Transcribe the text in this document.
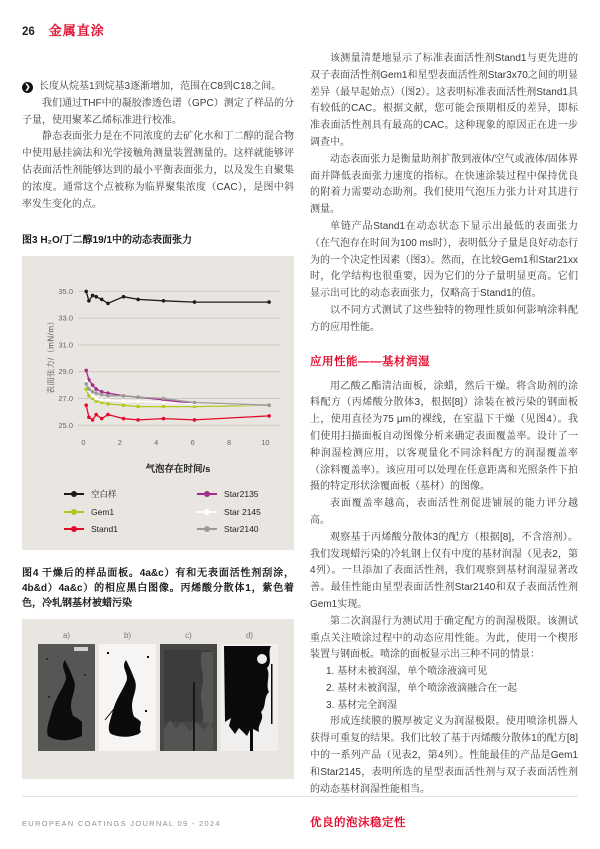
26 金属直涂
❯ 长度从烷基1到烷基3逐渐增加，范围在C8到C18之间。

我们通过THF中的凝胶渗透色谱（GPC）测定了样品的分子量，使用聚苯乙烯标准进行校准。

静态表面张力是在不同浓度的去矿化水和丁二醇的混合物中使用悬挂滴法和光学接触角测量装置测量的。这样就能够评估表面活性剂能够达到的最小平衡表面张力，以及发生自聚集的浓度。通常这个点被称为临界聚集浓度（CAC），是图中斜率发生变化的点。

图3 H₂O/丁二醇19/1中的动态表面张力
表面张力/（mN/m）
25.0
27.0
29.0
31.0
33.0
35.0
0	2	4	6	8	10
气泡存在时间/s
空白样
Gem1
Stand1
Star2135
Star 2145
Star2140
图4 干燥后的样品面板。4a&c）有和无表面活性剂刮涂，4b&d）4a&c）的相应黑白图像。丙烯酸分散体1，紫色着色，冷轧钢基材被蜡污染
a)	b)	c)	d)

该测量清楚地显示了标准表面活性剂Stand1与更先进的双子表面活性剂Gem1和星型表面活性剂Star3x70之间的明显差异（最早起始点）（图2）。这表明标准表面活性剂Stand1具有较低的CAC。根据文献，您可能会预期相反的差异，即标准表面活性剂具有最高的CAC。这种现象的原因正在进一步调查中。

动态表面张力是衡量助剂扩散到液体/空气或液体/固体界面并降低表面张力速度的指标。在快速涂装过程中保持优良的附着力需要动态助剂。我们使用气泡压力张力计对其进行测量。

单链产品Stand1在动态状态下显示出最低的表面张力（在气泡存在时间为100 ms时），表明低分子量是良好动态行为的一个决定性因素（图3）。然而，在比较Gem1和Star21xx时，化学结构也很重要，因为它们的分子量明显更高。它们显示出可比的动态表面张力，仅略高于Stand1的值。

以不同方式测试了这些独特的物理性质如何影响涂料配方的应用性能。

应用性能——基材润湿

用乙酸乙酯清洁面板，涂蜡，然后干燥。将含助剂的涂料配方（丙烯酸分散体3，根据[8]）涂装在被污染的钢面板上，使用直径为75 μm的裸线，在室温下干燥（见图4）。我们使用扫描面板自动图像分析来确定表面覆盖率。设计了一种润湿检测应用，以客观量化不同涂料配方的润湿覆盖率（涂料覆盖率）。该应用可以处理在任意距离和光照条件下拍摄的特定形状涂覆面板（基材）的图像。

表面覆盖率越高，表面活性剂促进铺展的能力评分越高。

观察基于丙烯酸分散体3的配方（根据[8]，不含溶剂）。我们发现蜡污染的冷轧钢上仅有中度的基材润湿（见表2，第4列）。一旦添加了表面活性剂，我们观察到基材润湿显著改善。最佳性能由星型表面活性剂Star2140和双子表面活性剂Gem1实现。

第二次润湿行为测试用于确定配方的润湿极限。该测试重点关注喷涂过程中的动态应用性能。为此，使用一个楔形装置与钢面板。喷涂的面板显示出三种不同的情景：

1. 基材未被润湿，单个喷涂液滴可见
2. 基材未被润湿，单个喷涂液滴融合在一起
3. 基材完全润湿

形成连续膜的膜厚被定义为润湿极限。使用喷涂机器人获得可重复的结果。我们比较了基于丙烯酸分散体1的配方[8]中的一系列产品（见表2，第4列）。性能最佳的产品是Gem1和Star2145，表明所选的星型表面活性剂与双子表面活性剂的动态基材润湿性能相当。

优良的泡沫稳定性
EUROPEAN COATINGS JOURNAL 09 - 2024
